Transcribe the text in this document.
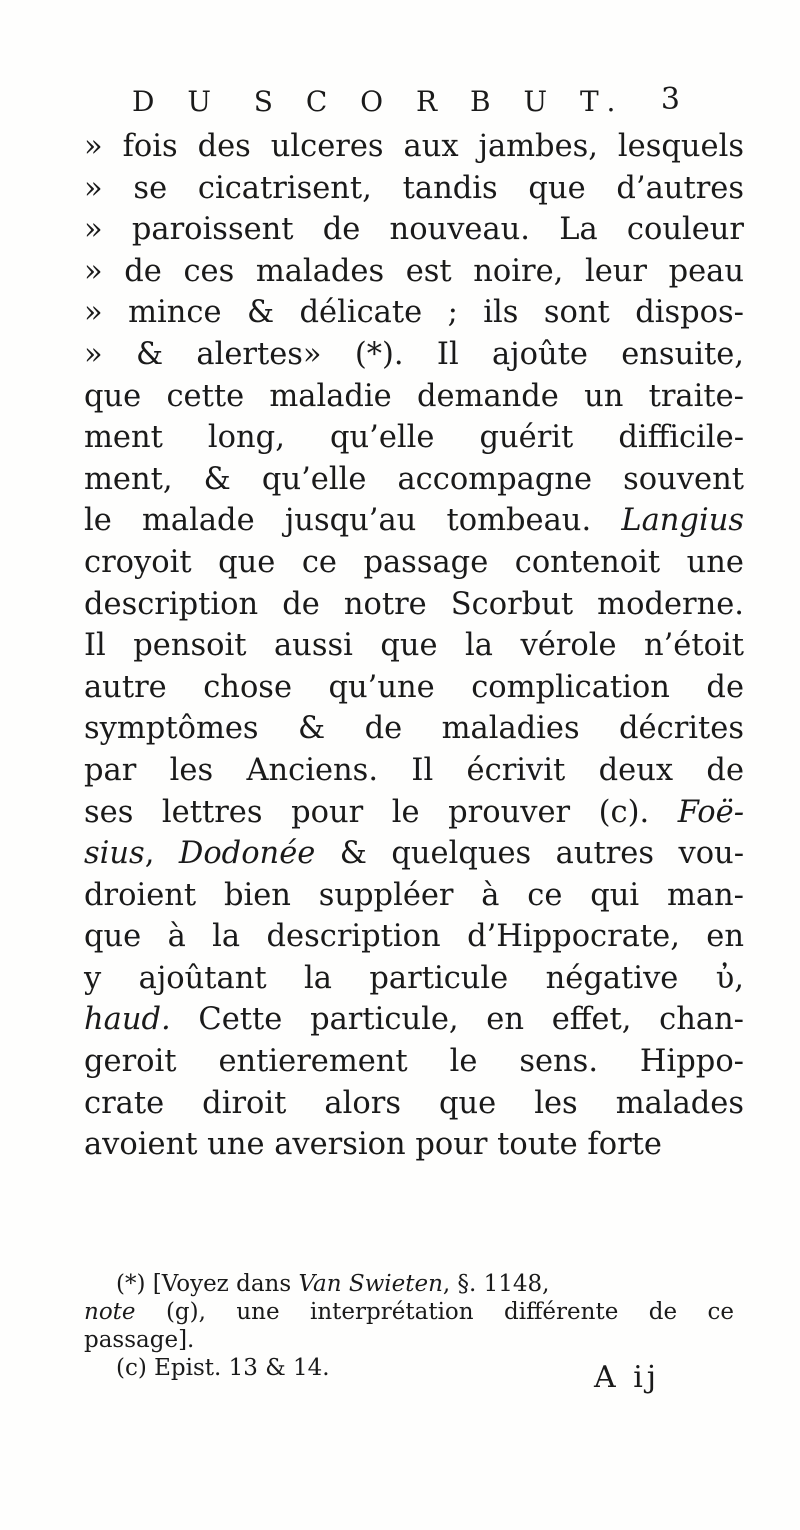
D U S C O R B U T. 3
» fois des ulceres aux jambes, lesquels
» se cicatrisent, tandis que d’autres
» paroissent de nouveau. La couleur
» de ces malades est noire, leur peau
» mince & délicate ; ils sont dispos-
» & alertes» (*). Il ajoûte ensuite,
que cette maladie demande un traite-
ment long, qu’elle guérit difficile-
ment, & qu’elle accompagne souvent
le malade jusqu’au tombeau. Langius
croyoit que ce passage contenoit une
description de notre Scorbut moderne.
Il pensoit aussi que la vérole n’étoit
autre chose qu’une complication de
symptômes & de maladies décrites
par les Anciens. Il écrivit deux de
ses lettres pour le prouver (c). Foë-
sius, Dodonée & quelques autres vou-
droient bien suppléer à ce qui man-
que à la description d’Hippocrate, en
y ajoûtant la particule négative ὐ,
haud. Cette particule, en effet, chan-
geroit entierement le sens. Hippo-
crate diroit alors que les malades
avoient une aversion pour toute forte
(*) [Voyez dans Van Swieten, §. 1148,
note (g), une interprétation différente de ce
passage].
(c) Epist. 13 & 14.	A ij
